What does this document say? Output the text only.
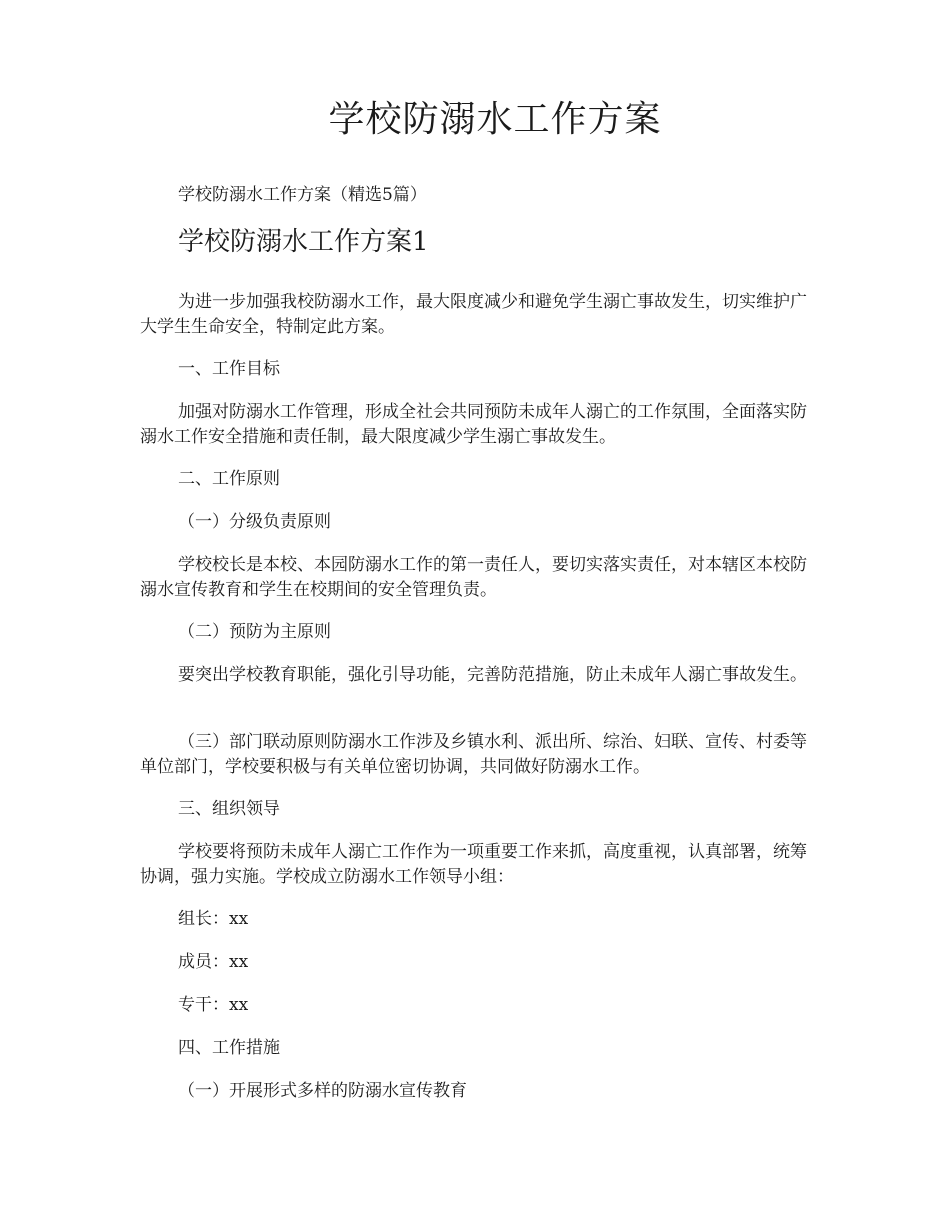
学校防溺水工作方案

学校防溺水工作方案（精选5篇）

学校防溺水工作方案1

为进一步加强我校防溺水工作，最大限度减少和避免学生溺亡事故发生，切实维护广大学生生命安全，特制定此方案。

一、工作目标

加强对防溺水工作管理，形成全社会共同预防未成年人溺亡的工作氛围，全面落实防溺水工作安全措施和责任制，最大限度减少学生溺亡事故发生。

二、工作原则

（一）分级负责原则

学校校长是本校、本园防溺水工作的第一责任人，要切实落实责任，对本辖区本校防溺水宣传教育和学生在校期间的安全管理负责。

（二）预防为主原则

要突出学校教育职能，强化引导功能，完善防范措施，防止未成年人溺亡事故发生。

（三）部门联动原则防溺水工作涉及乡镇水利、派出所、综治、妇联、宣传、村委等单位部门，学校要积极与有关单位密切协调，共同做好防溺水工作。

三、组织领导

学校要将预防未成年人溺亡工作作为一项重要工作来抓，高度重视，认真部署，统筹协调，强力实施。学校成立防溺水工作领导小组：

组长：xx

成员：xx

专干：xx

四、工作措施

（一）开展形式多样的防溺水宣传教育
